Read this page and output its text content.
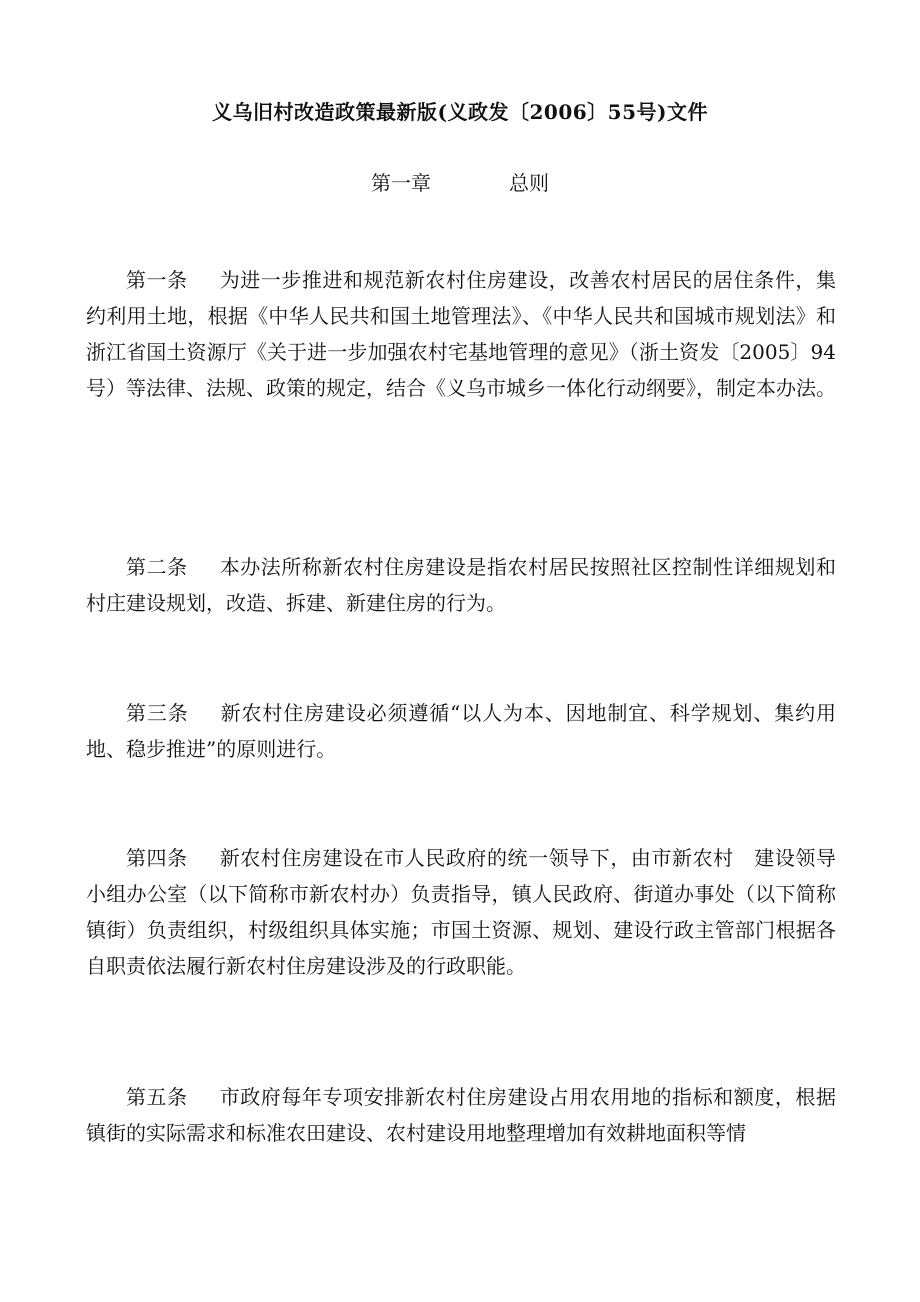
义乌旧村改造政策最新版(义政发〔2006〕55号)文件
第一章	总则

第一条 为进一步推进和规范新农村住房建设，改善农村居民的居住条件，集约利用土地，根据《中华人民共和国土地管理法》、《中华人民共和国城市规划法》和浙江省国土资源厅《关于进一步加强农村宅基地管理的意见》（浙土资发〔2005〕94号）等法律、法规、政策的规定，结合《义乌市城乡一体化行动纲要》，制定本办法。

第二条 本办法所称新农村住房建设是指农村居民按照社区控制性详细规划和村庄建设规划，改造、拆建、新建住房的行为。

第三条 新农村住房建设必须遵循“以人为本、因地制宜、科学规划、集约用地、稳步推进”的原则进行。

第四条 新农村住房建设在市人民政府的统一领导下，由市新农村　建设领导小组办公室（以下简称市新农村办）负责指导，镇人民政府、街道办事处（以下简称镇街）负责组织，村级组织具体实施；市国土资源、规划、建设行政主管部门根据各自职责依法履行新农村住房建设涉及的行政职能。

第五条 市政府每年专项安排新农村住房建设占用农用地的指标和额度，根据镇街的实际需求和标准农田建设、农村建设用地整理增加有效耕地面积等情
